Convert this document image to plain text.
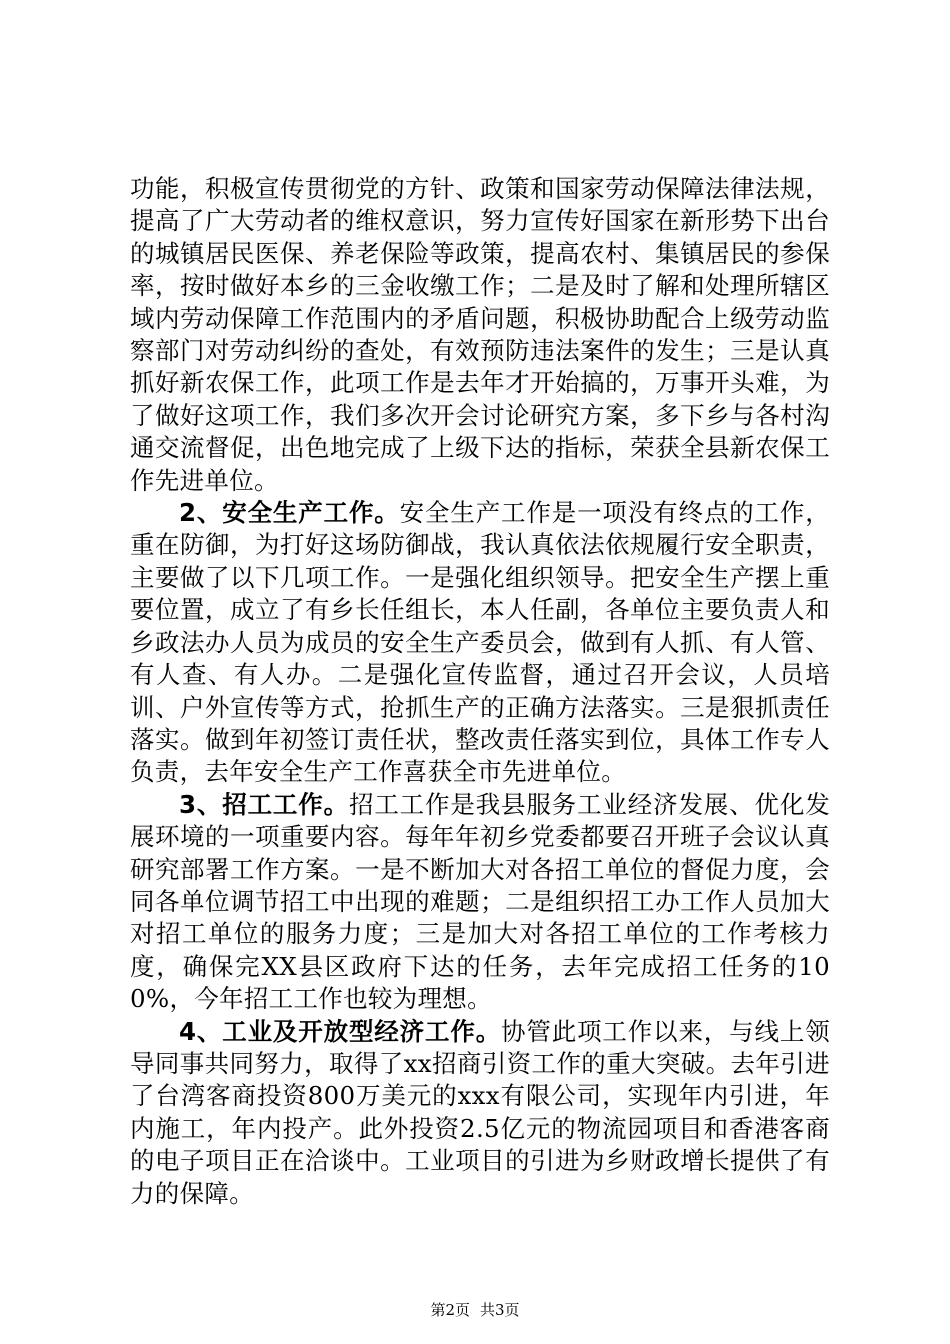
功能，积极宣传贯彻党的方针、政策和国家劳动保障法律法规，提高了广大劳动者的维权意识，努力宣传好国家在新形势下出台的城镇居民医保、养老保险等政策，提高农村、集镇居民的参保率，按时做好本乡的三金收缴工作；二是及时了解和处理所辖区域内劳动保障工作范围内的矛盾问题，积极协助配合上级劳动监察部门对劳动纠纷的查处，有效预防违法案件的发生；三是认真抓好新农保工作，此项工作是去年才开始搞的，万事开头难，为了做好这项工作，我们多次开会讨论研究方案，多下乡与各村沟通交流督促，出色地完成了上级下达的指标，荣获全县新农保工作先进单位。

2、安全生产工作。安全生产工作是一项没有终点的工作，重在防御，为打好这场防御战，我认真依法依规履行安全职责，主要做了以下几项工作。一是强化组织领导。把安全生产摆上重要位置，成立了有乡长任组长，本人任副，各单位主要负责人和乡政法办人员为成员的安全生产委员会，做到有人抓、有人管、有人查、有人办。二是强化宣传监督，通过召开会议，人员培训、户外宣传等方式，抢抓生产的正确方法落实。三是狠抓责任落实。做到年初签订责任状，整改责任落实到位，具体工作专人负责，去年安全生产工作喜获全市先进单位。

3、招工工作。招工工作是我县服务工业经济发展、优化发展环境的一项重要内容。每年年初乡党委都要召开班子会议认真研究部署工作方案。一是不断加大对各招工单位的督促力度，会同各单位调节招工中出现的难题；二是组织招工办工作人员加大对招工单位的服务力度；三是加大对各招工单位的工作考核力度，确保完XX县区政府下达的任务，去年完成招工任务的100%，今年招工工作也较为理想。

4、工业及开放型经济工作。协管此项工作以来，与线上领导同事共同努力，取得了xx招商引资工作的重大突破。去年引进了台湾客商投资800万美元的xxx有限公司，实现年内引进，年内施工，年内投产。此外投资2.5亿元的物流园项目和香港客商的电子项目正在洽谈中。工业项目的引进为乡财政增长提供了有力的保障。

第2页 共3页
